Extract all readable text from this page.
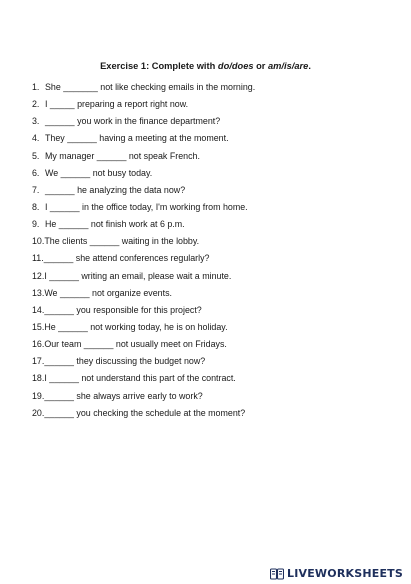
Exercise 1: Complete with do/does or am/is/are.
1. She _______ not like checking emails in the morning.
2. I _____ preparing a report right now.
3. ______ you work in the finance department?
4. They ______ having a meeting at the moment.
5. My manager ______ not speak French.
6. We ______ not busy today.
7. ______ he analyzing the data now?
8. I ______ in the office today, I'm working from home.
9. He ______ not finish work at 6 p.m.
10. The clients ______ waiting in the lobby.
11. ______ she attend conferences regularly?
12. I ______ writing an email, please wait a minute.
13. We ______ not organize events.
14. ______ you responsible for this project?
15. He ______ not working today, he is on holiday.
16. Our team ______ not usually meet on Fridays.
17. ______ they discussing the budget now?
18. I ______ not understand this part of the contract.
19. ______ she always arrive early to work?
20. ______ you checking the schedule at the moment?
LIVEWORKSHEETS
